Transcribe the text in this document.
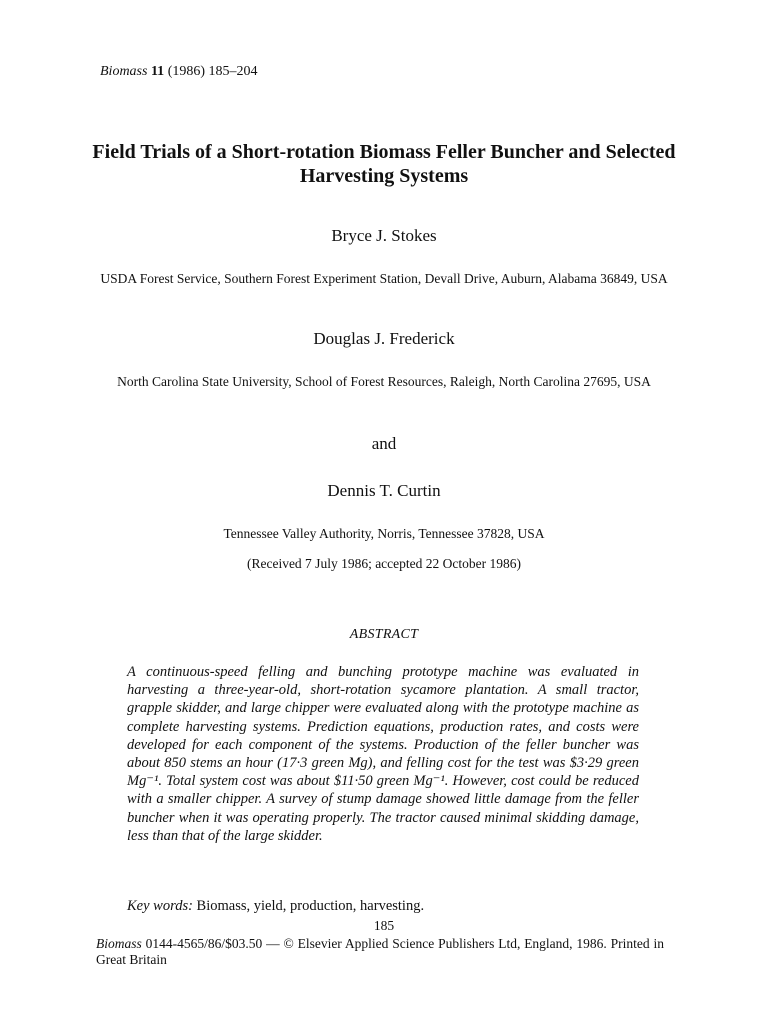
Biomass 11 (1986) 185–204
Field Trials of a Short-rotation Biomass Feller Buncher and Selected Harvesting Systems
Bryce J. Stokes
USDA Forest Service, Southern Forest Experiment Station, Devall Drive, Auburn, Alabama 36849, USA
Douglas J. Frederick
North Carolina State University, School of Forest Resources, Raleigh, North Carolina 27695, USA
and
Dennis T. Curtin
Tennessee Valley Authority, Norris, Tennessee 37828, USA
(Received 7 July 1986; accepted 22 October 1986)
ABSTRACT
A continuous-speed felling and bunching prototype machine was evaluated in harvesting a three-year-old, short-rotation sycamore plantation. A small tractor, grapple skidder, and large chipper were evaluated along with the prototype machine as complete harvesting systems. Prediction equations, production rates, and costs were developed for each component of the systems. Production of the feller buncher was about 850 stems an hour (17·3 green Mg), and felling cost for the test was $3·29 green Mg⁻¹. Total system cost was about $11·50 green Mg⁻¹. However, cost could be reduced with a smaller chipper. A survey of stump damage showed little damage from the feller buncher when it was operating properly. The tractor caused minimal skidding damage, less than that of the large skidder.
Key words: Biomass, yield, production, harvesting.
185
Biomass 0144-4565/86/$03.50 — © Elsevier Applied Science Publishers Ltd, England, 1986. Printed in Great Britain
